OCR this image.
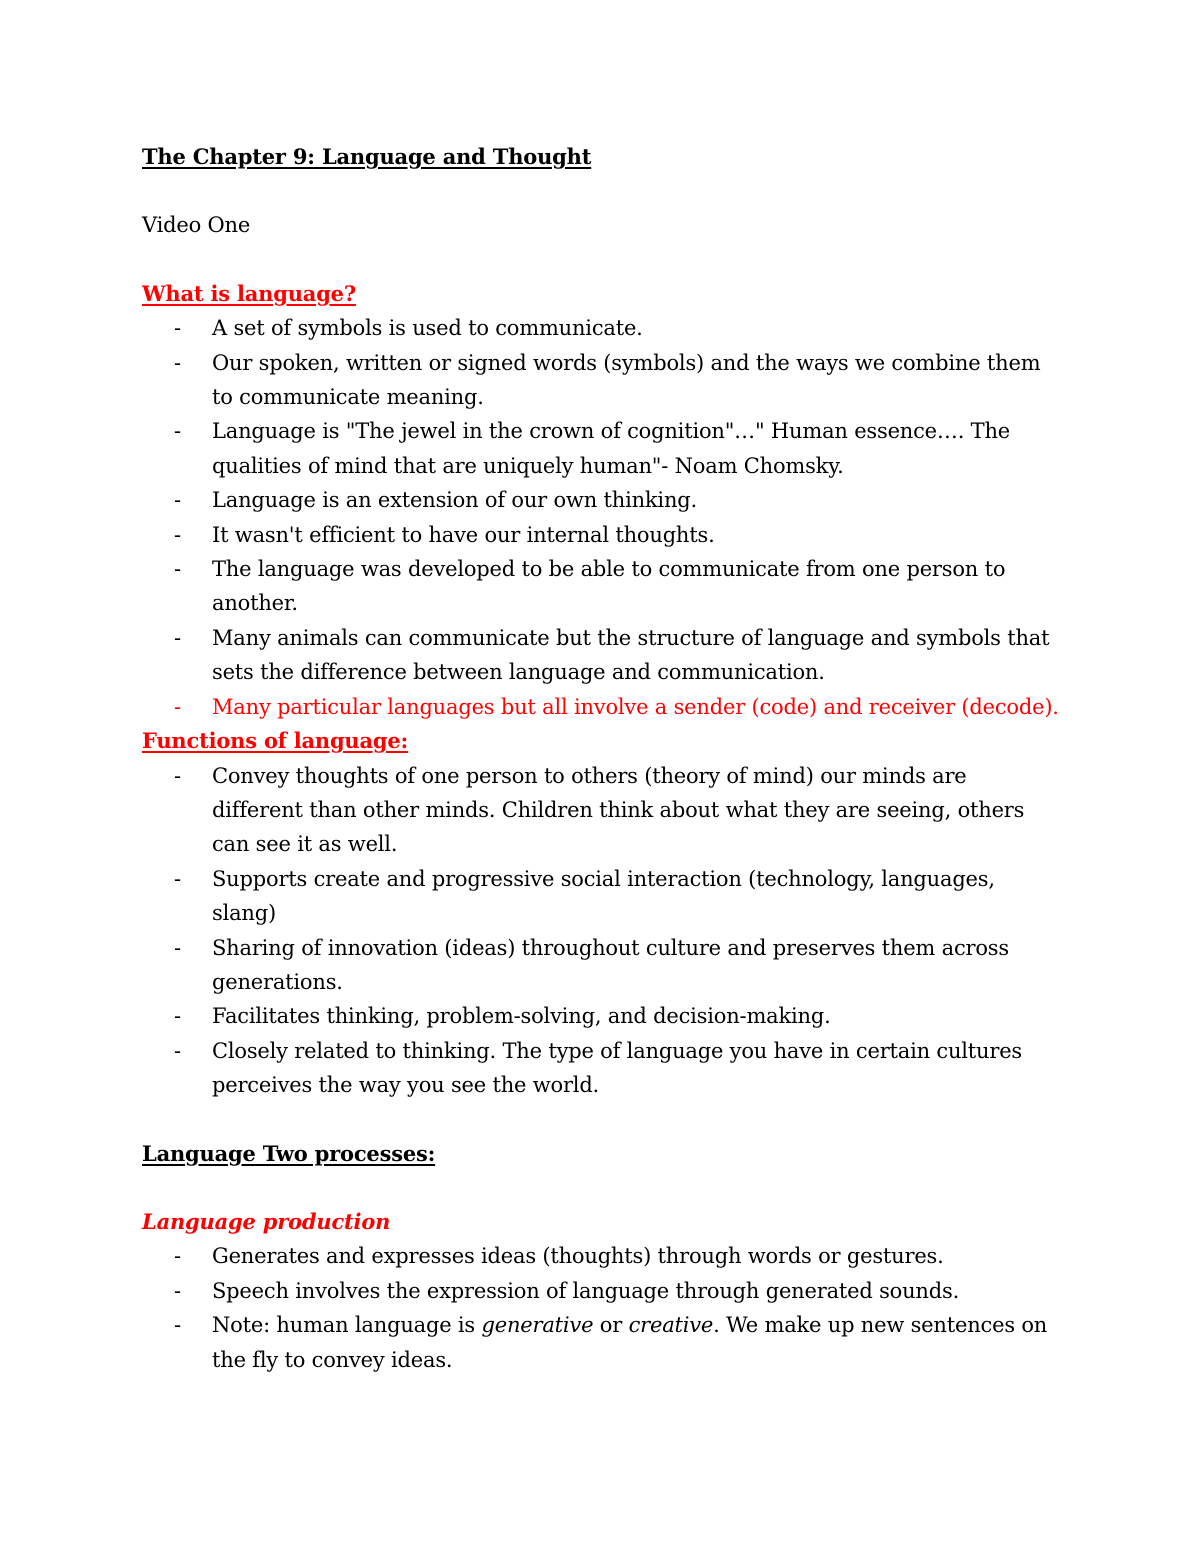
The Chapter 9: Language and Thought
Video One
What is language?
- A set of symbols is used to communicate.
- Our spoken, written or signed words (symbols) and the ways we combine them to communicate meaning.
- Language is "The jewel in the crown of cognition"…" Human essence…. The qualities of mind that are uniquely human"- Noam Chomsky.
- Language is an extension of our own thinking.
- It wasn't efficient to have our internal thoughts.
- The language was developed to be able to communicate from one person to another.
- Many animals can communicate but the structure of language and symbols that sets the difference between language and communication.
- Many particular languages but all involve a sender (code) and receiver (decode).
Functions of language:
- Convey thoughts of one person to others (theory of mind) our minds are different than other minds. Children think about what they are seeing, others can see it as well.
- Supports create and progressive social interaction (technology, languages, slang)
- Sharing of innovation (ideas) throughout culture and preserves them across generations.
- Facilitates thinking, problem-solving, and decision-making.
- Closely related to thinking. The type of language you have in certain cultures perceives the way you see the world.
Language Two processes:
Language production
- Generates and expresses ideas (thoughts) through words or gestures.
- Speech involves the expression of language through generated sounds.
- Note: human language is generative or creative. We make up new sentences on the fly to convey ideas.
